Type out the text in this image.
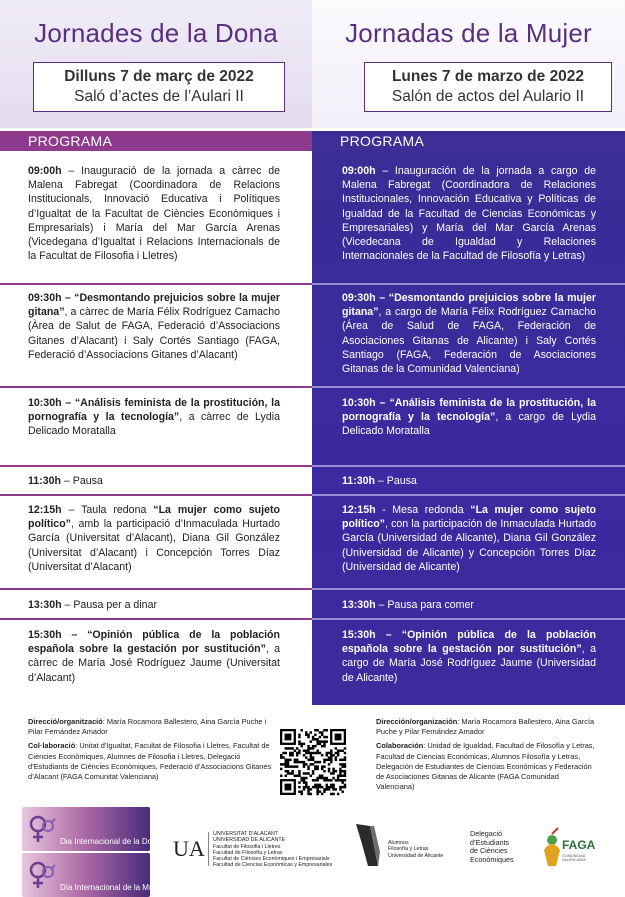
Jornades de la Dona
Dilluns 7 de març de 2022
Saló d’actes de l’Aulari II
Jornadas de la Mujer
Lunes 7 de marzo de 2022
Salón de actos del Aulario II
PROGRAMA	PROGRAMA
09:00h – Inauguració de la jornada a càrrec de Malena Fabregat (Coordinadora de Relacions Institucionals, Innovació Educativa i Polítiques d’Igualtat de la Facultat de Ciències Econòmiques i Empresarials) i María del Mar García Arenas (Vicedegana d’Igualtat i Relacions Internacionals de la Facultat de Filosofia i Lletres)
09:30h – “Desmontando prejuicios sobre la mujer gitana”, a càrrec de María Félix Rodríguez Camacho (Àrea de Salut de FAGA, Federació d’Associacions Gitanes d’Alacant) i Saly Cortés Santiago (FAGA, Federació d’Associacions Gitanes d’Alacant)
10:30h – “Análisis feminista de la prostitución, la pornografía y la tecnología”, a càrrec de Lydia Delicado Moratalla
11:30h – Pausa
12:15h – Taula redona “La mujer como sujeto político”, amb la participació d’Inmaculada Hurtado García (Universitat d’Alacant), Diana Gil González (Universitat d’Alacant) i Concepción Torres Díaz (Universitat d’Alacant)
13:30h – Pausa per a dinar
15:30h – “Opinión pública de la población española sobre la gestación por sustitución”, a càrrec de María José Rodríguez Jaume (Universitat d’Alacant)
09:00h – Inauguración de la jornada a cargo de Malena Fabregat (Coordinadora de Relaciones Institucionales, Innovación Educativa y Políticas de Igualdad de la Facultad de Ciencias Económicas y Empresariales) y María del Mar García Arenas (Vicedecana de Igualdad y Relaciones Internacionales de la Facultad de Filosofía y Letras)
09:30h – “Desmontando prejuicios sobre la mujer gitana”, a cargo de María Félix Rodríguez Camacho (Área de Salud de FAGA, Federación de Asociaciones Gitanas de Alicante) i Saly Cortés Santiago (FAGA, Federación de Asociaciones Gitanas de la Comunidad Valenciana)
10:30h – “Análisis feminista de la prostitución, la pornografía y la tecnología”, a cargo de Lydia Delicado Moratalla
11:30h – Pausa
12:15h - Mesa redonda “La mujer como sujeto político”, con la participación de Inmaculada Hurtado García (Universidad de Alicante), Diana Gil González (Universidad de Alicante) y Concepción Torres Díaz (Universidad de Alicante)
13:30h – Pausa para comer
15:30h – “Opinión pública de la población española sobre la gestación por sustitución”, a cargo de María José Rodríguez Jaume (Universidad de Alicante)
Direcció/organització: María Rocamora Ballestero, Aina García Puche i Pilar Fernández Amador
Col·laboració: Unitat d’Igualtat, Facultat de Filosofia i Lletres, Facultat de Ciències Econòmiques, Alumnes de Filosofia i Lletres, Delegació d’Estudiants de Ciències Econòmiques, Federació d’Associacions Gitanes d’Alacant (FAGA Comunitat Valenciana)
Dirección/organización: María Rocamora Ballestero, Aina García Puche y Pilar Fernández Amador
Colaboración: Unidad de Igualdad, Facultad de Filosofía y Letras, Facultad de Ciencias Económicas, Alumnos Filosofía y Letras, Delegación de Estudiantes de Ciencias Económicas y Federación de Asociaciones Gitanas de Alicante (FAGA Comunidad Valenciana)
Dia Internacional de la Dona
Día Internacional de la Mujer
UA
UNIVERSITAT D’ALACANT
UNIVERSIDAD DE ALICANTE
Facultat de Filosofia i Lletres
Facultad de Filosofía y Letras
Facultat de Ciències Econòmiques i Empresarials
Facultad de Ciencias Económicas y Empresariales
Alumnos
Filosofía y Letras
Universidad de Alicante
Delegació
d’Estudiants
de Ciències
Econòmiques
FAGA
COMUNIDAD VALENCIANA
